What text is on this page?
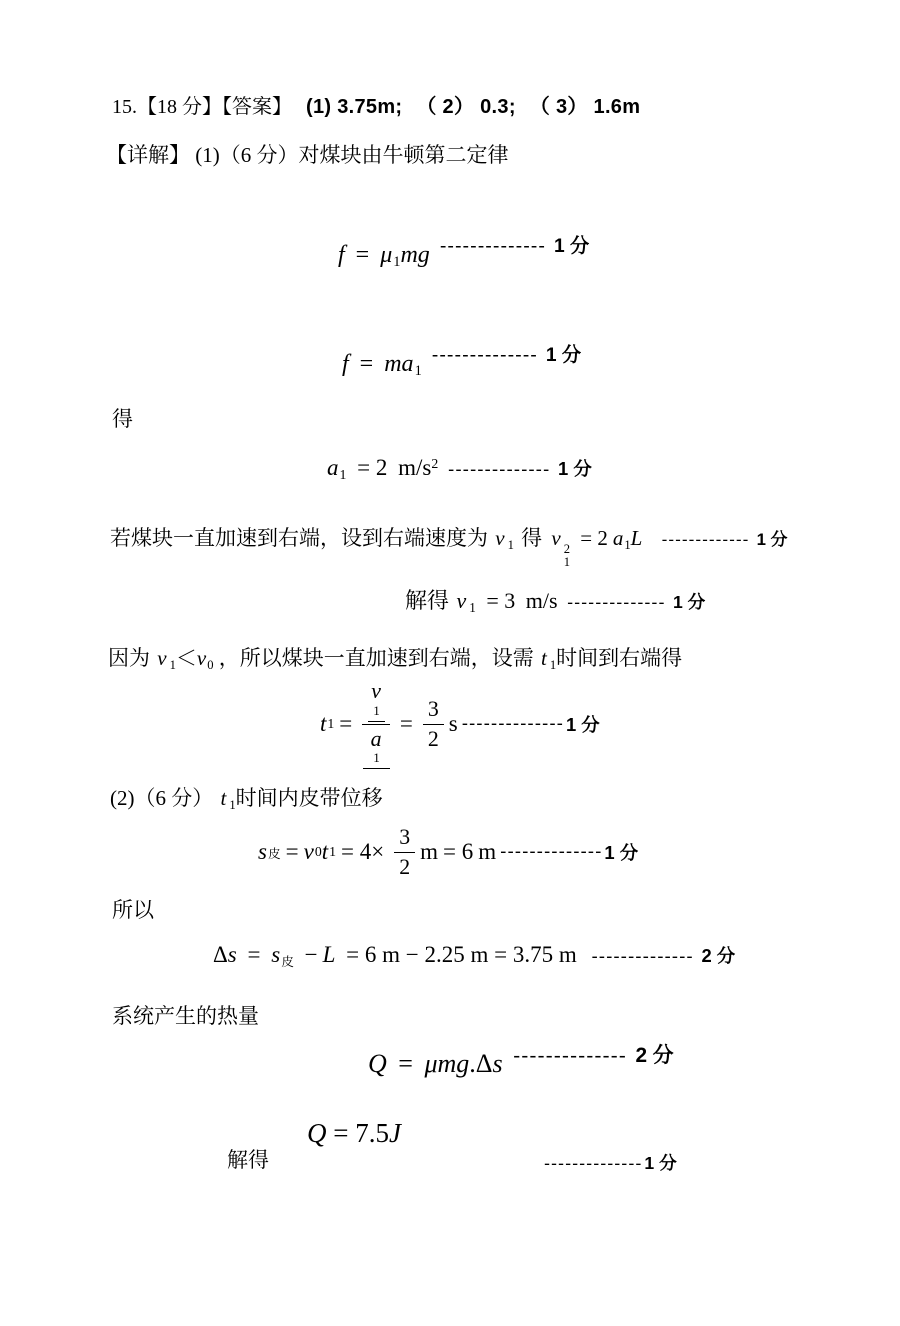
15.【18 分】【答案】 (1) 3.75m; （ 2） 0.3; （ 3） 1.6m
【详解】 (1)（6 分）对煤块由牛顿第二定律
$f = \mu_1mg$ -------------- $^{1 分}$
$f = ma_1$ -------------- $^{1 分}$
得
$a_1 = 2$ $m/s^2$ -------------- 1 分
若煤块一直加速到右端，设到右端速度为 v $_1$ 得 v 2
1
= 2 $a_1L$ ------------- 1 分
解得 v $_1$ = 3 m/s -------------- 1 分
因为 v $_1<v_0$ ，所以煤块一直加速到右端，设需 t $_1$时间到右端得
t 1 = v
1
a
$1 = \frac{3}{2}$ s -------------- 1 分
(2)（6 分） t $_1$时间内皮带位移
s 皮 = v 0 t $1 = 4\times \frac{3}{2}$ m = 6 m -------------- 1 分
所以
$\Delta s = s_皮 - L = 6$ m − 2.25 m = 3.75 m -------------- 2 分
系统产生的热量
Q = μmg.Δs -------------- $^{2 分}$
解得
Q = 7.5J
-------------- 1 分
